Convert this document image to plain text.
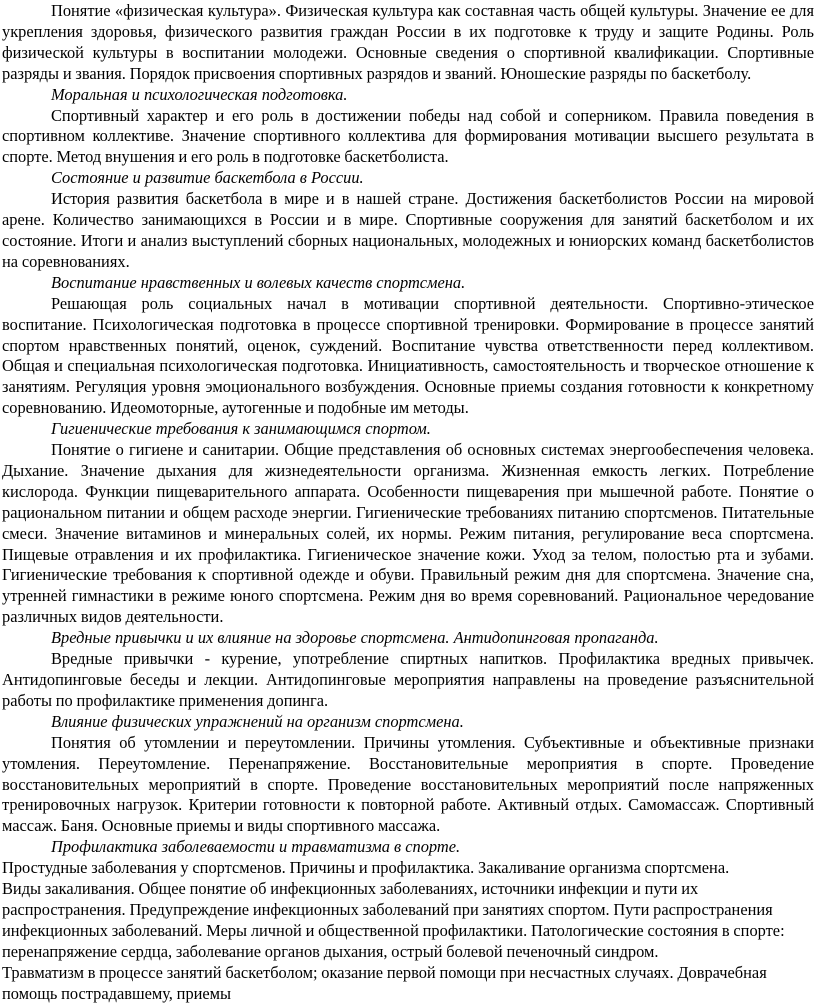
Понятие «физическая культура». Физическая культура как составная часть общей культуры. Значение ее для укрепления здоровья, физического развития граждан России в их подготовке к труду и защите Родины. Роль физической культуры в воспитании молодежи. Основные сведения о спортивной квалификации. Спортивные разряды и звания. Порядок присвоения спортивных разрядов и званий. Юношеские разряды по баскетболу.

Моральная и психологическая подготовка.

Спортивный характер и его роль в достижении победы над собой и соперником. Правила поведения в спортивном коллективе. Значение спортивного коллектива для формирования мотивации высшего результата в спорте. Метод внушения и его роль в подготовке баскетболиста.

Состояние и развитие баскетбола в России.

История развития баскетбола в мире и в нашей стране. Достижения баскетболистов России на мировой арене. Количество занимающихся в России и в мире. Спортивные сооружения для занятий баскетболом и их состояние. Итоги и анализ выступлений сборных национальных, молодежных и юниорских команд баскетболистов на соревнованиях.

Воспитание нравственных и волевых качеств спортсмена.

Решающая роль социальных начал в мотивации спортивной деятельности. Спортивно-этическое воспитание. Психологическая подготовка в процессе спортивной тренировки. Формирование в процессе занятий спортом нравственных понятий, оценок, суждений. Воспитание чувства ответственности перед коллективом. Общая и специальная психологическая подготовка. Инициативность, самостоятельность и творческое отношение к занятиям. Регуляция уровня эмоционального возбуждения. Основные приемы создания готовности к конкретному соревнованию. Идеомоторные, аутогенные и подобные им методы.

Гигиенические требования к занимающимся спортом.

Понятие о гигиене и санитарии. Общие представления об основных системах энергообеспечения человека. Дыхание. Значение дыхания для жизнедеятельности организма. Жизненная емкость легких. Потребление кислорода. Функции пищеварительного аппарата. Особенности пищеварения при мышечной работе. Понятие о рациональном питании и общем расходе энергии. Гигиенические требованиях питанию спортсменов. Питательные смеси. Значение витаминов и минеральных солей, их нормы. Режим питания, регулирование веса спортсмена. Пищевые отравления и их профилактика. Гигиеническое значение кожи. Уход за телом, полостью рта и зубами. Гигиенические требования к спортивной одежде и обуви. Правильный режим дня для спортсмена. Значение сна, утренней гимнастики в режиме юного спортсмена. Режим дня во время соревнований. Рациональное чередование различных видов деятельности.

Вредные привычки и их влияние на здоровье спортсмена. Антидопинговая пропаганда.

Вредные привычки - курение, употребление спиртных напитков. Профилактика вредных привычек. Антидопинговые беседы и лекции. Антидопинговые мероприятия направлены на проведение разъяснительной работы по профилактике применения допинга.

Влияние физических упражнений на организм спортсмена.

Понятия об утомлении и переутомлении. Причины утомления. Субъективные и объективные признаки утомления. Переутомление. Перенапряжение. Восстановительные мероприятия в спорте. Проведение восстановительных мероприятий в спорте. Проведение восстановительных мероприятий после напряженных тренировочных нагрузок. Критерии готовности к повторной работе. Активный отдых. Самомассаж. Спортивный массаж. Баня. Основные приемы и виды спортивного массажа.

Профилактика заболеваемости и травматизма в спорте.

Простудные заболевания у спортсменов. Причины и профилактика. Закаливание организма спортсмена.

Виды закаливания. Общее понятие об инфекционных заболеваниях, источники инфекции и пути их распространения. Предупреждение инфекционных заболеваний при занятиях спортом. Пути распространения инфекционных заболеваний. Меры личной и общественной профилактики. Патологические состояния в спорте: перенапряжение сердца, заболевание органов дыхания, острый болевой печеночный синдром.

Травматизм в процессе занятий баскетболом; оказание первой помощи при несчастных случаях. Доврачебная помощь пострадавшему, приемы
